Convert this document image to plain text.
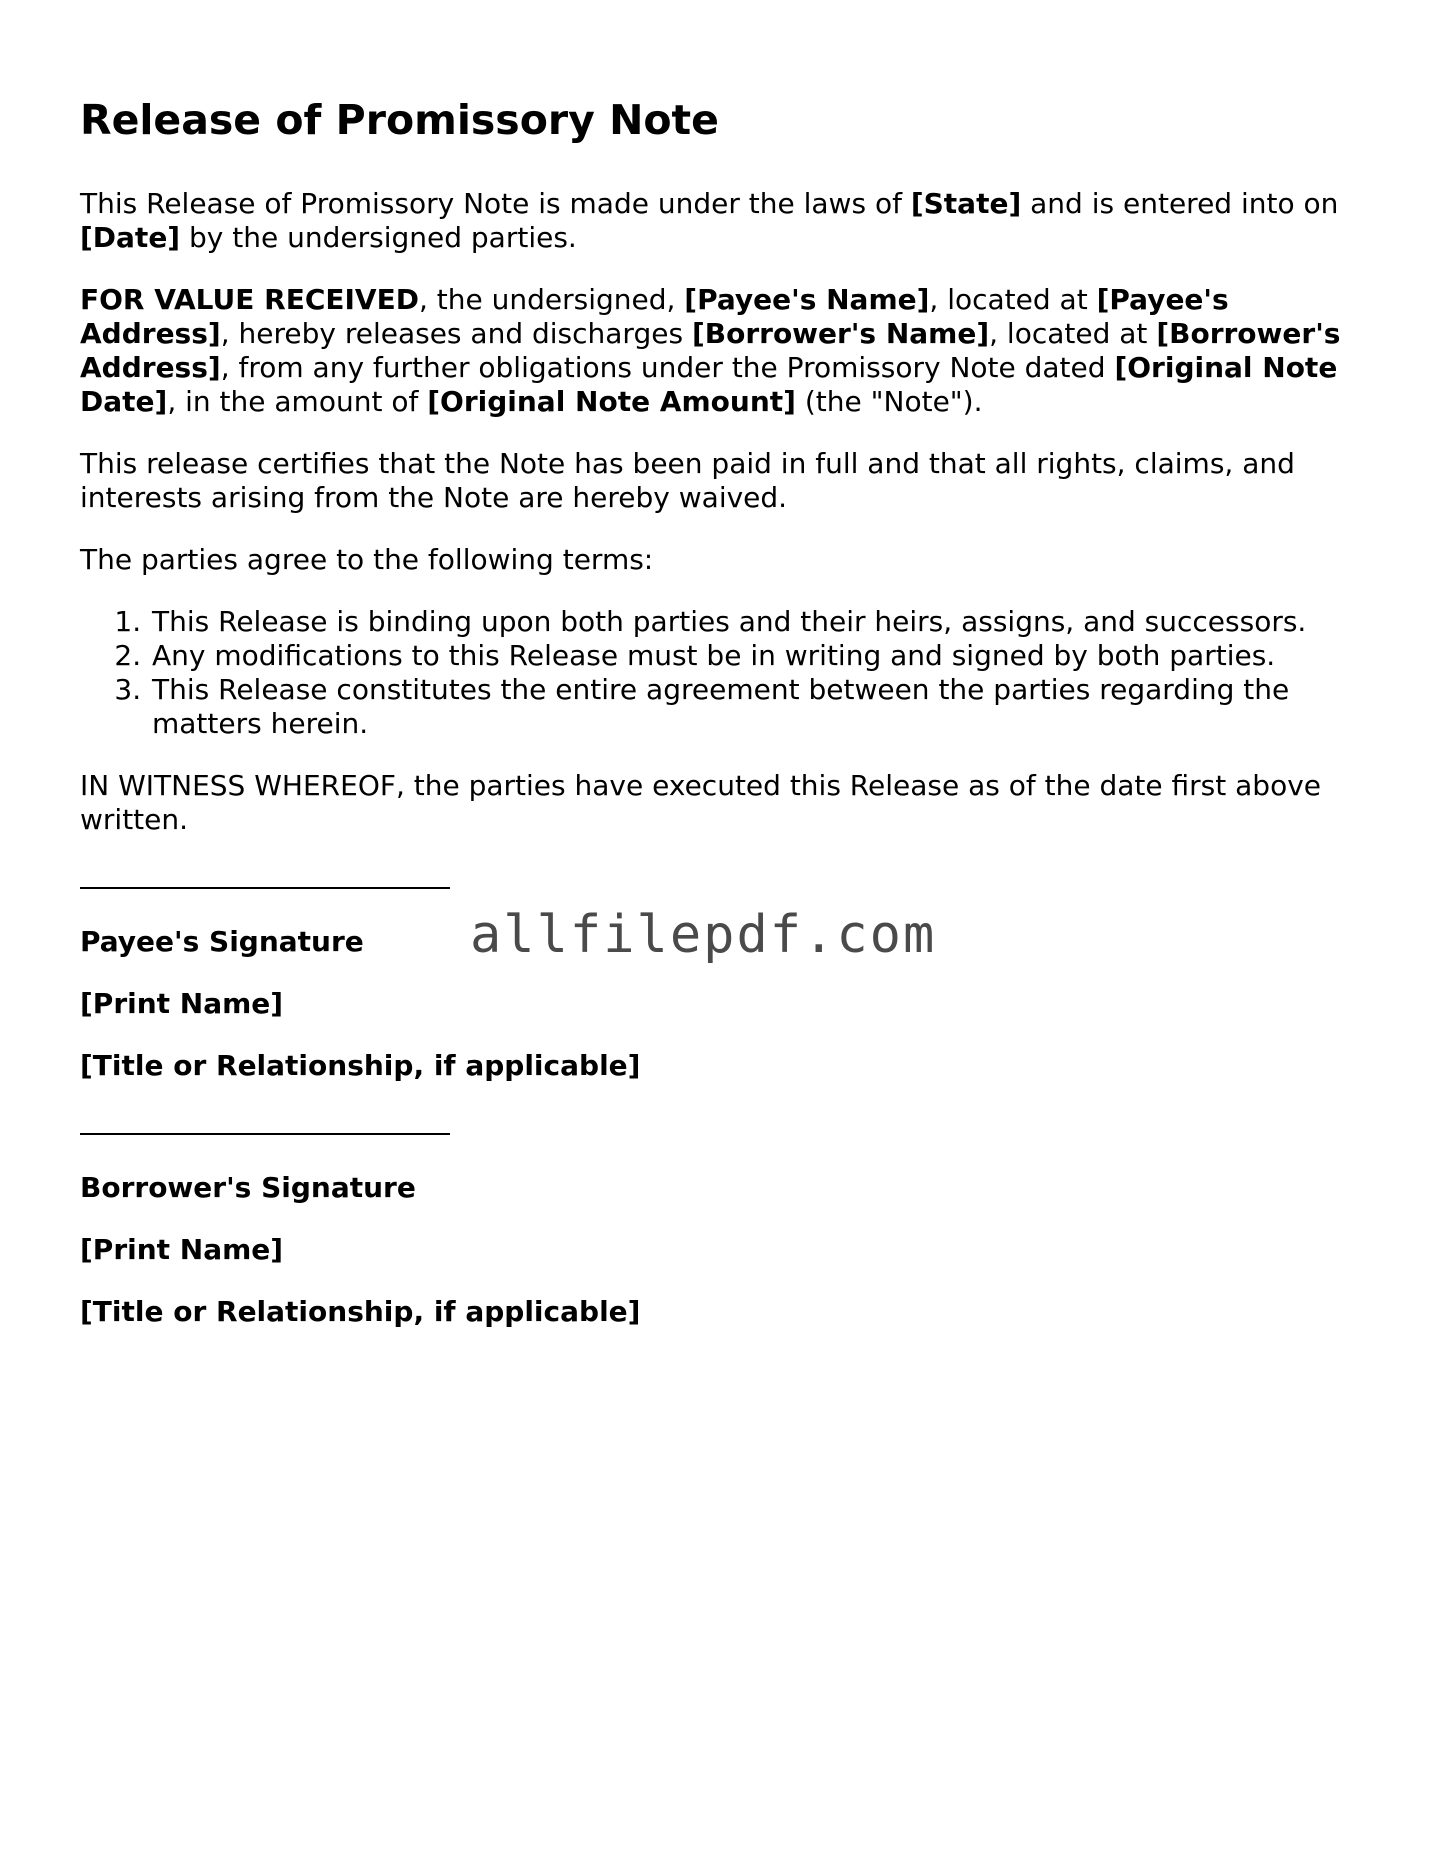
Release of Promissory Note

This Release of Promissory Note is made under the laws of [State] and is entered into on [Date] by the undersigned parties.

FOR VALUE RECEIVED, the undersigned, [Payee's Name], located at [Payee's Address], hereby releases and discharges [Borrower's Name], located at [Borrower's Address], from any further obligations under the Promissory Note dated [Original Note Date], in the amount of [Original Note Amount] (the "Note").

This release certifies that the Note has been paid in full and that all rights, claims, and interests arising from the Note are hereby waived.

The parties agree to the following terms:

1. This Release is binding upon both parties and their heirs, assigns, and successors.
2. Any modifications to this Release must be in writing and signed by both parties.
3. This Release constitutes the entire agreement between the parties regarding the matters herein.

IN WITNESS WHEREOF, the parties have executed this Release as of the date first above written.

Payee's Signature

[Print Name]

[Title or Relationship, if applicable]

Borrower's Signature

[Print Name]

[Title or Relationship, if applicable]

allfilepdf.com
